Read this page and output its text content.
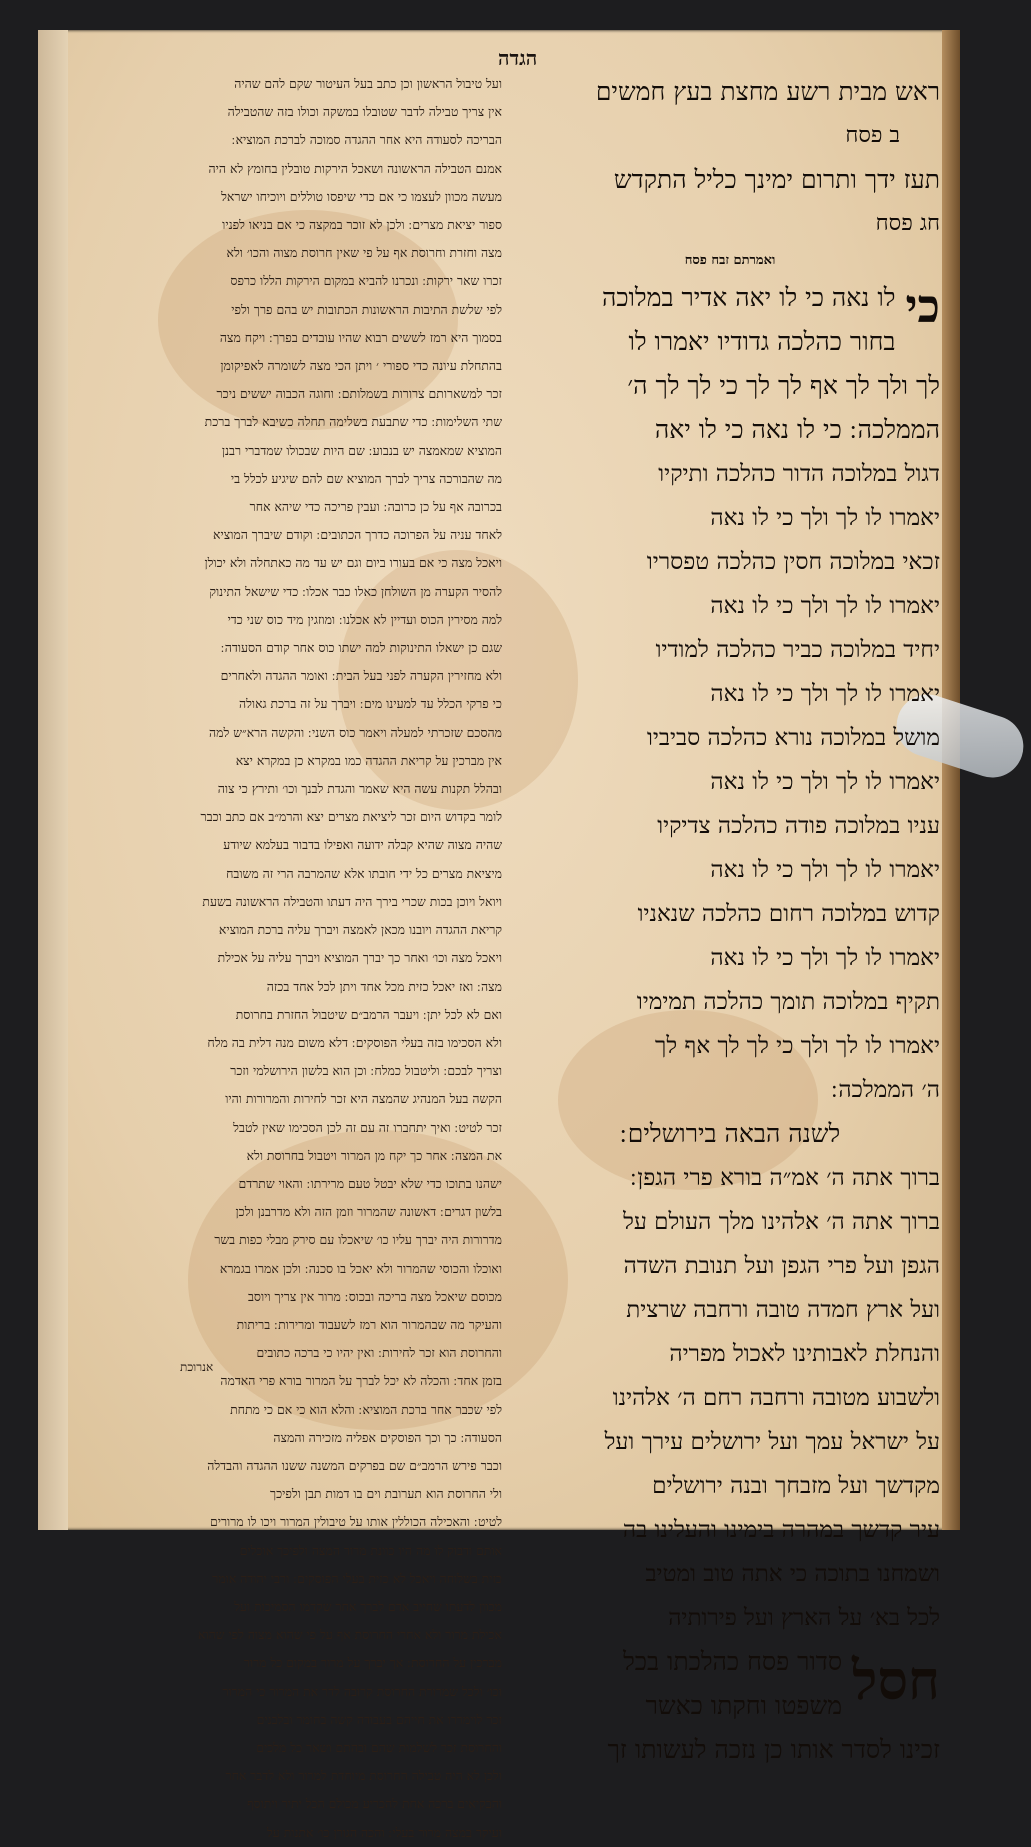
הגדה

ועל טיבול הראשון וכן כתב בעל העיטור שקם להם שהיה

אין צריך טבילה לדבר שטובלו במשקה וכולו בזה שהטבילה

הבריכה לסעודה היא אחר ההגדה סמוכה לברכת המוציא ׃

אמנם הטבילה הראשונה ושאכל הירקות טובלין בחומץ לא היה

מעשה מכוון לעצמו כי אם כדי שיפסו טוללים ויוכיחו ישראל

ספור יציאת מצרים ׃ ולכן לא זוכר במקצה כי אם בניאו לפניו

מצה וחזרת וחרוסת אף על פי שאין חרוסת מצוה והכו׳ ולא

זכרו שאר ירקות ׃ ונכרנו להביא במקום הירקות הללו כרפס

לפי שלשת התיבות הראשונות הכתובות יש בהם פרך ולפי

בסמוך היא רמז לששים רבוא שהיו עובדים בפרך ׃ ויקח מצה

בהתחלת עיונה כדי ספורי ׳ ויתן הכי מצה לשומרה לאפיקומן

זכר למשארותם צרורות בשמלותם ׃ וחוגה הכבוה יששים ניכר

שתי השלימות ׃ כדי שתבעת בשלימה תחלה כשיבא לברך ברכת

המוציא שמאמצה יש בנבוע ׃ שם היות שבכולו שמדברי רבנן

מה שהבורכה צריך לברך המוציא שם להם שיגיע לכלל בי

בכרובה אף על כן כרובה ׃ ועבין פריכה כדי שיהא אחר

לאחד עניה על הפרוכה כדרך הכתובים ׃ וקודם שיברך המוציא

ויאכל מצה כי אם בעורו ביום וגם יש עד מה כאתחלה ולא יכולן

להסיר הקערה מן השולחן כאלו כבר אכלו ׃ כדי שישאל התינוק

למה מסירין הכוס ועדיין לא אכלנו ׃ ומוזגין מיד כוס שני כדי

שגם כן ישאלו התינוקות למה ישתו כוס אחר קודם הסעודה ׃

ולא מחזירין הקערה לפני בעל הבית ׃ ואומר ההגדה ולאחרים

כי פרקי הכלל עד למעינו מים ׃ ויברך על זה ברכת גאולה

מהסכם שזכרתי למעלה ויאמר כוס השני ׃ והקשה הרא״ש למה

אין מברכין על קריאת ההגדה כמו במקרא כן במקרא יצא

ובהלל תקנות עשה היא שאמר והגדת לבנך וכו׳ ותירץ כי צוה

לומר בקדוש היום זכר ליציאת מצרים יצא והרמ״ב אם כתב וכבר

שהיה מצוה שהיא קבלה ידועה ואפילו בדבור בעלמא שיודע

מיציאת מצרים כל ידי חובתו אלא שהמרבה הרי זה משובח

ויואל ויוכן בכות שכרי בירך היה דעתו והטבילה הראשונה בשעת

קריאת ההגדה ויובנו מכאן לאמצה ויברך עליה ברכת המוציא

ויאכל מצה וכו׳ ואחר כך יברך המוציא ויברך עליה על אכילת

מצה ׃ ואז יאכל כזית מכל אחד ויתן לכל אחד בכזה

ואם לא לכל יתן ׃ ויעבר הרמב״ם שיטבול החזרת בחרוסת

ולא הסכימו בזה בעלי הפוסקים ׃ דלא משום מנה דלית בה מלח

וצריך לבכם ׃ וליטבול כמלח ׃ וכן הוא בלשון הירושלמי וזכר

הקשה בעל המנהיג שהמצה היא זכר לחירות והמרורות והיו

זכר לטיט ׃ ואיך יתחברו זה עם זה לכן הסכימו שאין לטבל

את המצה ׃ אחר כך יקח מן המרור ויטבול בחרוסת ולא

ישהנו בתוכו כדי שלא יבטל טעם מרירתו ׃ והאוי שתרדם

בלשון דגרים ׃ דאשונה שהמרור וזמן הזה ולא מדרבנן ולכן

מדרורות היה יברך עליו כו׳ שיאכלו עם סירק מבלי כפות בשר

ואוכלו והכוסי שהמרור ולא יאכל בו סכנה ׃ ולכן אמרו בגמרא

מכוסם שיאכל מצה בריכה ובכוס ׃ מרור אין צריך ויוסב

והעיקר מה שבהמרור הוא רמז לשעבוד ומרירות ׃ בריתות

והחרוסת הוא זכר לחירות ׃ ואין יהיו כי ברכה כתובים

בזמן אחד ׃ והכלה לא יכל לברך על המרור בורא פרי האדמה

לפי שכבר אחר ברכת המוציא ׃ והלא הוא כי אם כי מתחת

הסעודה ׃ כך וכך הפוסקים אפליה מזכירה והמצה

וכבר פירש הרמב״ם שם בפרקים המשנה ששנו ההגדה והבדלה

ולי החרוסת הוא תערובת וים בו דמות תבן ולפיכך

לטיט ׃ והאכילה הכוללין אותו על טיבולין המרור ויכו לו מרורים

אותם ודבוק לו מה היו כוונת מרור המצה ולפיכך אוכלים

כזית בשלוחה ויאכל לא כזית בעלי הפוסקים ׃ ורבי יהודה אומר

מכוון לדעתו שחייב אדם לברך אחר שקדמו הסמיכות ועל

אכילת מרור ולא אחרי החרוסת אף על פי שהוא מצוה לפי שהוא

מברכין על החרוסת ׃ אך יברך על מרור במקום כל מרור

וכו׳ ולכל שמרורת החרוסת קרובה לדר את המרור כי המרור

זכר לוימררו את חייהם בעבודה קשה בחומר ובלבנים

והחרוסת זכר לשלמות שהם ובהתם ושאר כל מלכים

ולכן לא היה טבילה החרוסת מיוחדת למרור ולא לדבר אחר

והבקיאים ברכה אחת להכריע מכולם הכל יתיר ויתוסף

ועיקר במצה מרור בעלי ׃ והכה הגורן כו׳ אתנות על

אנרוכת
ראש מבית רשע מחצת בעץ חמשים
ב פסח
תעז ידך ותרום ימינך כליל התקדש
חג פסח
ואמרתם זבח פסח
כי
לו נאה כי לו יאה אדיר במלוכה
בחור כהלכה גדודיו יאמרו לו
לך ולך לך אף לך לך כי לך לך ה׳
הממלכה ׃ כי לו נאה כי לו יאה
דגול במלוכה הדור כהלכה ותיקיו
יאמרו לו לך ולך כי לו נאה
זכאי במלוכה חסין כהלכה טפסריו
יאמרו לו לך ולך כי לו נאה
יחיד במלוכה כביר כהלכה למודיו
יאמרו לו לך ולך כי לו נאה
מושל במלוכה נורא כהלכה סביביו
יאמרו לו לך ולך כי לו נאה
עניו במלוכה פודה כהלכה צדיקיו
יאמרו לו לך ולך כי לו נאה
קדוש במלוכה רחום כהלכה שנאניו
יאמרו לו לך ולך כי לו נאה
תקיף במלוכה תומך כהלכה תמימיו
יאמרו לו לך ולך כי לך לך אף לך
ה׳ הממלכה ׃
לשנה הבאה בירושלים ׃
ברוך אתה ה׳ אמ״ה בורא פרי הגפן ׃
ברוך אתה ה׳ אלהינו מלך העולם על
הגפן ועל פרי הגפן ועל תנובת השדה
ועל ארץ חמדה טובה ורחבה שרצית
והנחלת לאבותינו לאכול מפריה
ולשבוע מטובה ורחבה רחם ה׳ אלהינו
על ישראל עמך ועל ירושלים עירך ועל
מקדשך ועל מזבחך ובנה ירושלים
עיר קדשך במהרה בימינו והעלינו בה
ושמחנו בתוכה כי אתה טוב ומטיב
לכל בא׳ על הארץ ועל פירותיה
חסל
סדור פסח כהלכתו בכל
משפטו וחקתו כאשר
זכינו לסדר אותו כן נזכה לעשותו זך
